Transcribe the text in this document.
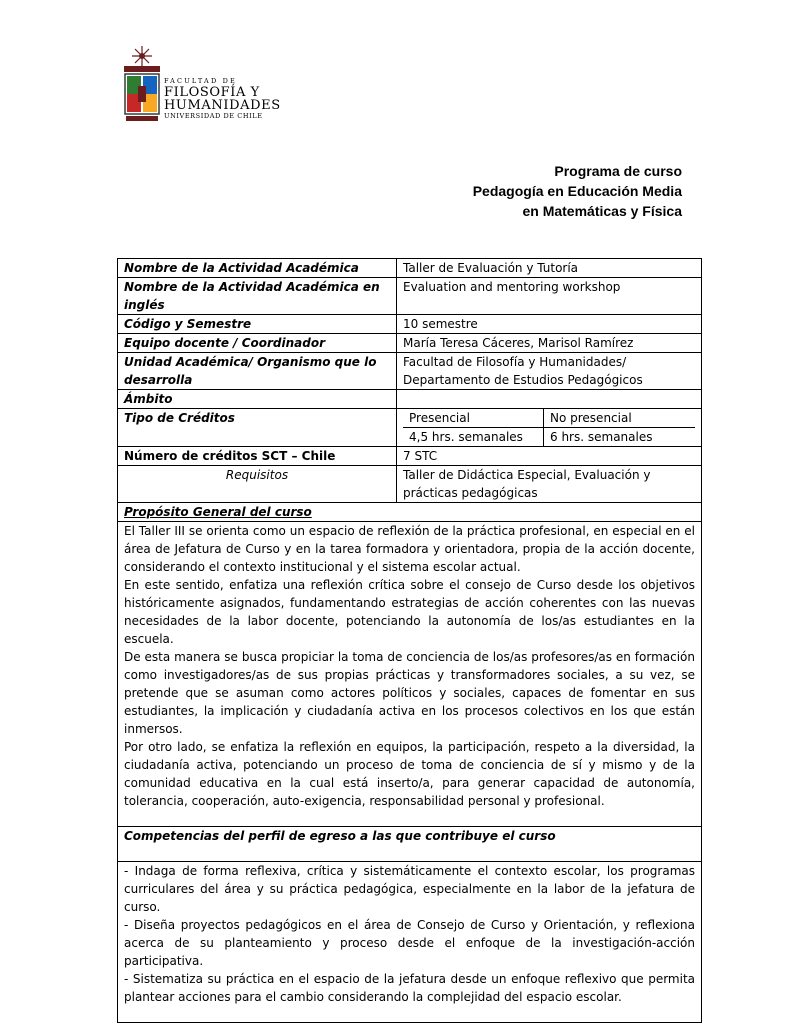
FACULTAD DE
FILOSOFÍA Y
HUMANIDADES
UNIVERSIDAD DE CHILE
Programa de curso
Pedagogía en Educación Media
en Matemáticas y Física
Nombre de la Actividad Académica	Taller de Evaluación y Tutoría
Nombre de la Actividad Académica en inglés	Evaluation and mentoring workshop
Código y Semestre	10 semestre
Equipo docente / Coordinador	María Teresa Cáceres, Marisol Ramírez
Unidad Académica/ Organismo que lo desarrolla	Facultad de Filosofía y Humanidades/ Departamento de Estudios Pedagógicos
Ámbito	
Tipo de Créditos	Presencial No presencial
4,5 hrs. semanales 6 hrs. semanales

Número de créditos SCT – Chile	7 STC
Requisitos	Taller de Didáctica Especial, Evaluación y prácticas pedagógicas
Propósito General del curso	

El Taller III se orienta como un espacio de reflexión de la práctica profesional, en especial en el área de Jefatura de Curso y en la tarea formadora y orientadora, propia de la acción docente, considerando el contexto institucional y el sistema escolar actual.

En este sentido, enfatiza una reflexión crítica sobre el consejo de Curso desde los objetivos históricamente asignados, fundamentando estrategias de acción coherentes con las nuevas necesidades de la labor docente, potenciando la autonomía de los/as estudiantes en la escuela.

De esta manera se busca propiciar la toma de conciencia de los/as profesores/as en formación como investigadores/as de sus propias prácticas y transformadores sociales, a su vez, se pretende que se asuman como actores políticos y sociales, capaces de fomentar en sus estudiantes, la implicación y ciudadanía activa en los procesos colectivos en los que están inmersos.

Por otro lado, se enfatiza la reflexión en equipos, la participación, respeto a la diversidad, la ciudadanía activa, potenciando un proceso de toma de conciencia de sí y mismo y de la comunidad educativa en la cual está inserto/a, para generar capacidad de autonomía, tolerancia, cooperación, auto-exigencia, responsabilidad personal y profesional.	

Competencias del perfil de egreso a las que contribuye el curso	

- Indaga de forma reflexiva, crítica y sistemáticamente el contexto escolar, los programas curriculares del área y su práctica pedagógica, especialmente en la labor de la jefatura de curso.

- Diseña proyectos pedagógicos en el área de Consejo de Curso y Orientación, y reflexiona acerca de su planteamiento y proceso desde el enfoque de la investigación-acción participativa.

- Sistematiza su práctica en el espacio de la jefatura desde un enfoque reflexivo que permita plantear acciones para el cambio considerando la complejidad del espacio escolar.	
